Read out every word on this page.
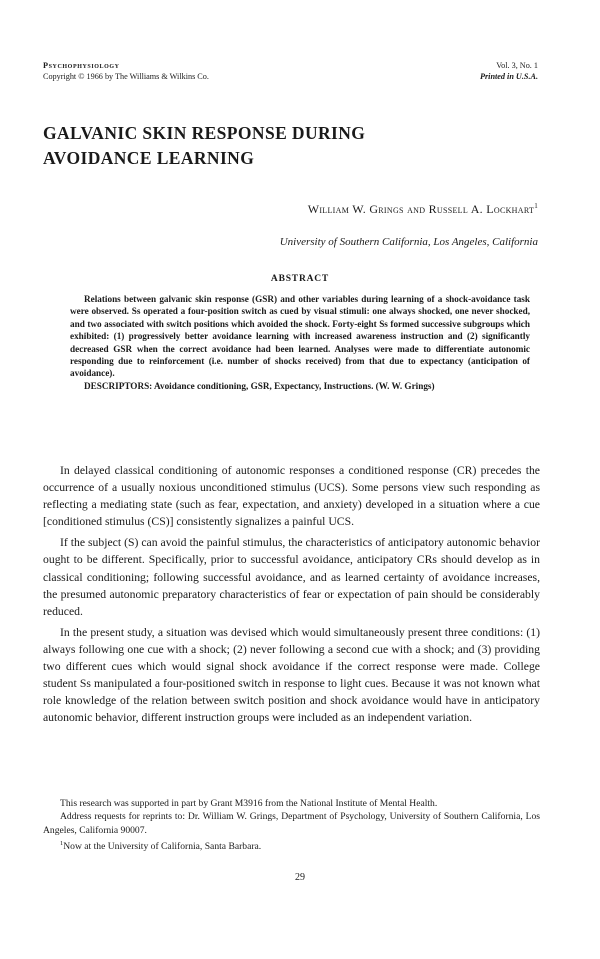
Psychophysiology
Copyright © 1966 by The Williams & Wilkins Co.
Vol. 3, No. 1
Printed in U.S.A.
GALVANIC SKIN RESPONSE DURING
AVOIDANCE LEARNING
William W. Grings and Russell A. Lockhart$^1$
University of Southern California, Los Angeles, California
ABSTRACT

Relations between galvanic skin response (GSR) and other variables during learning of a shock-avoidance task were observed. Ss operated a four-position switch as cued by visual stimuli: one always shocked, one never shocked, and two associated with switch positions which avoided the shock. Forty-eight Ss formed successive subgroups which exhibited: (1) progressively better avoidance learning with increased awareness instruction and (2) significantly decreased GSR when the correct avoidance had been learned. Analyses were made to differentiate autonomic responding due to reinforcement (i.e. number of shocks received) from that due to expectancy (anticipation of avoidance).

DESCRIPTORS: Avoidance conditioning, GSR, Expectancy, Instructions. (W. W. Grings)

In delayed classical conditioning of autonomic responses a conditioned response (CR) precedes the occurrence of a usually noxious unconditioned stimulus (UCS). Some persons view such responding as reflecting a mediating state (such as fear, expectation, and anxiety) developed in a situation where a cue [conditioned stimulus (CS)] consistently signalizes a painful UCS.

If the subject (S) can avoid the painful stimulus, the characteristics of anticipatory autonomic behavior ought to be different. Specifically, prior to successful avoidance, anticipatory CRs should develop as in classical conditioning; following successful avoidance, and as learned certainty of avoidance increases, the presumed autonomic preparatory characteristics of fear or expectation of pain should be considerably reduced.

In the present study, a situation was devised which would simultaneously present three conditions: (1) always following one cue with a shock; (2) never following a second cue with a shock; and (3) providing two different cues which would signal shock avoidance if the correct response were made. College student Ss manipulated a four-positioned switch in response to light cues. Because it was not known what role knowledge of the relation between switch position and shock avoidance would have in anticipatory autonomic behavior, different instruction groups were included as an independent variation.

This research was supported in part by Grant M3916 from the National Institute of Mental Health.

Address requests for reprints to: Dr. William W. Grings, Department of Psychology, University of Southern California, Los Angeles, California 90007.

$^1$Now at the University of California, Santa Barbara.

29
